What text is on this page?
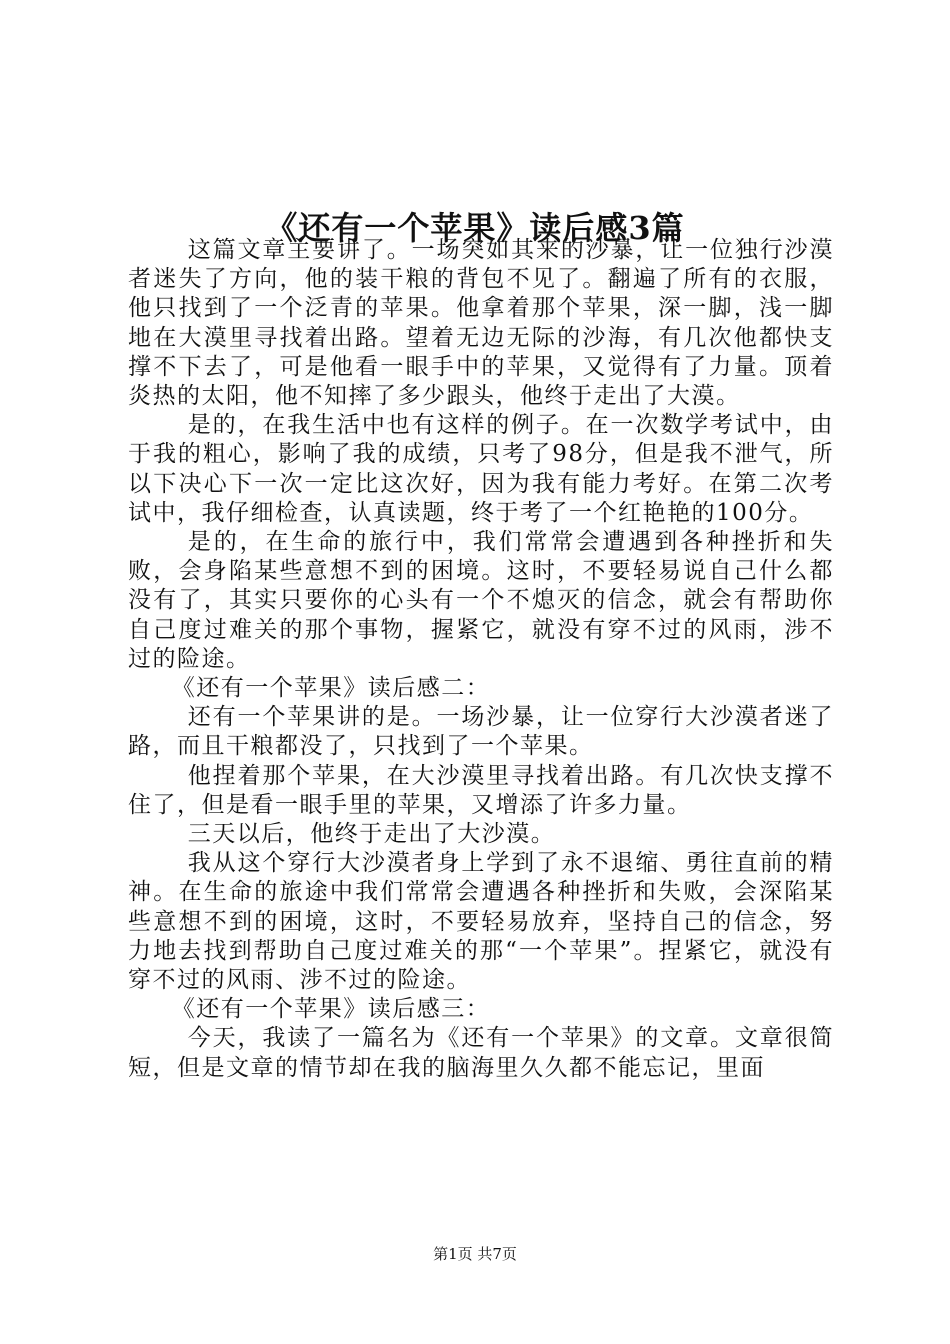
《还有一个苹果》读后感3篇

这篇文章主要讲了。一场突如其来的沙暴，让一位独行沙漠者迷失了方向，他的装干粮的背包不见了。翻遍了所有的衣服，他只找到了一个泛青的苹果。他拿着那个苹果，深一脚，浅一脚地在大漠里寻找着出路。望着无边无际的沙海，有几次他都快支撑不下去了，可是他看一眼手中的苹果，又觉得有了力量。顶着炎热的太阳，他不知摔了多少跟头，他终于走出了大漠。

是的，在我生活中也有这样的例子。在一次数学考试中，由于我的粗心，影响了我的成绩，只考了98分，但是我不泄气，所以下决心下一次一定比这次好，因为我有能力考好。在第二次考试中，我仔细检查，认真读题，终于考了一个红艳艳的100分。

是的，在生命的旅行中，我们常常会遭遇到各种挫折和失败，会身陷某些意想不到的困境。这时，不要轻易说自己什么都没有了，其实只要你的心头有一个不熄灭的信念，就会有帮助你自己度过难关的那个事物，握紧它，就没有穿不过的风雨，涉不过的险途。

《还有一个苹果》读后感二：

还有一个苹果讲的是。一场沙暴，让一位穿行大沙漠者迷了路，而且干粮都没了，只找到了一个苹果。

他捏着那个苹果，在大沙漠里寻找着出路。有几次快支撑不住了，但是看一眼手里的苹果，又增添了许多力量。

三天以后，他终于走出了大沙漠。

我从这个穿行大沙漠者身上学到了永不退缩、勇往直前的精神。在生命的旅途中我们常常会遭遇各种挫折和失败，会深陷某些意想不到的困境，这时，不要轻易放弃，坚持自己的信念，努力地去找到帮助自己度过难关的那“一个苹果”。捏紧它，就没有穿不过的风雨、涉不过的险途。

《还有一个苹果》读后感三：

今天，我读了一篇名为《还有一个苹果》的文章。文章很简短，但是文章的情节却在我的脑海里久久都不能忘记，里面

第1页 共7页
